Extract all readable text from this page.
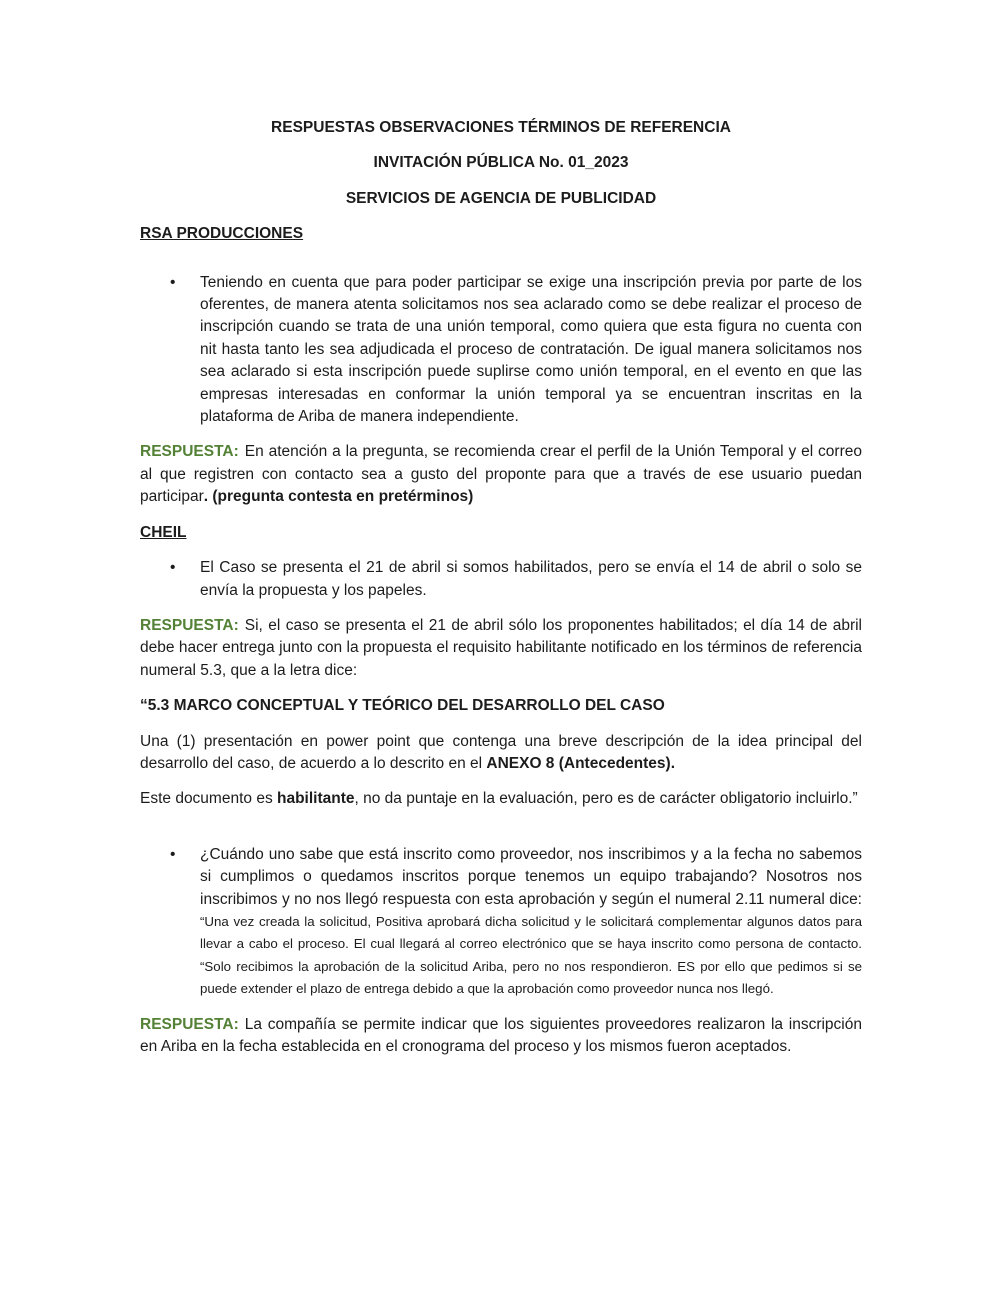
RESPUESTAS OBSERVACIONES TÉRMINOS DE REFERENCIA

INVITACIÓN PÚBLICA No. 01_2023

SERVICIOS DE AGENCIA DE PUBLICIDAD

RSA PRODUCCIONES

• Teniendo en cuenta que para poder participar se exige una inscripción previa por parte de los oferentes, de manera atenta solicitamos nos sea aclarado como se debe realizar el proceso de inscripción cuando se trata de una unión temporal, como quiera que esta figura no cuenta con nit hasta tanto les sea adjudicada el proceso de contratación. De igual manera solicitamos nos sea aclarado si esta inscripción puede suplirse como unión temporal, en el evento en que las empresas interesadas en conformar la unión temporal ya se encuentran inscritas en la plataforma de Ariba de manera independiente.

RESPUESTA: En atención a la pregunta, se recomienda crear el perfil de la Unión Temporal y el correo al que registren con contacto sea a gusto del proponte para que a través de ese usuario puedan participar. (pregunta contesta en pretérminos)

CHEIL

• El Caso se presenta el 21 de abril si somos habilitados, pero se envía el 14 de abril o solo se envía la propuesta y los papeles.

RESPUESTA: Si, el caso se presenta el 21 de abril sólo los proponentes habilitados; el día 14 de abril debe hacer entrega junto con la propuesta el requisito habilitante notificado en los términos de referencia numeral 5.3, que a la letra dice:

“5.3 MARCO CONCEPTUAL Y TEÓRICO DEL DESARROLLO DEL CASO

Una (1) presentación en power point que contenga una breve descripción de la idea principal del desarrollo del caso, de acuerdo a lo descrito en el ANEXO 8 (Antecedentes).

Este documento es habilitante, no da puntaje en la evaluación, pero es de carácter obligatorio incluirlo.”

• ¿Cuándo uno sabe que está inscrito como proveedor, nos inscribimos y a la fecha no sabemos si cumplimos o quedamos inscritos porque tenemos un equipo trabajando? Nosotros nos inscribimos y no nos llegó respuesta con esta aprobación y según el numeral 2.11 numeral dice: “Una vez creada la solicitud, Positiva aprobará dicha solicitud y le solicitará complementar algunos datos para llevar a cabo el proceso. El cual llegará al correo electrónico que se haya inscrito como persona de contacto. “Solo recibimos la aprobación de la solicitud Ariba, pero no nos respondieron. ES por ello que pedimos si se puede extender el plazo de entrega debido a que la aprobación como proveedor nunca nos llegó.

RESPUESTA: La compañía se permite indicar que los siguientes proveedores realizaron la inscripción en Ariba en la fecha establecida en el cronograma del proceso y los mismos fueron aceptados.
